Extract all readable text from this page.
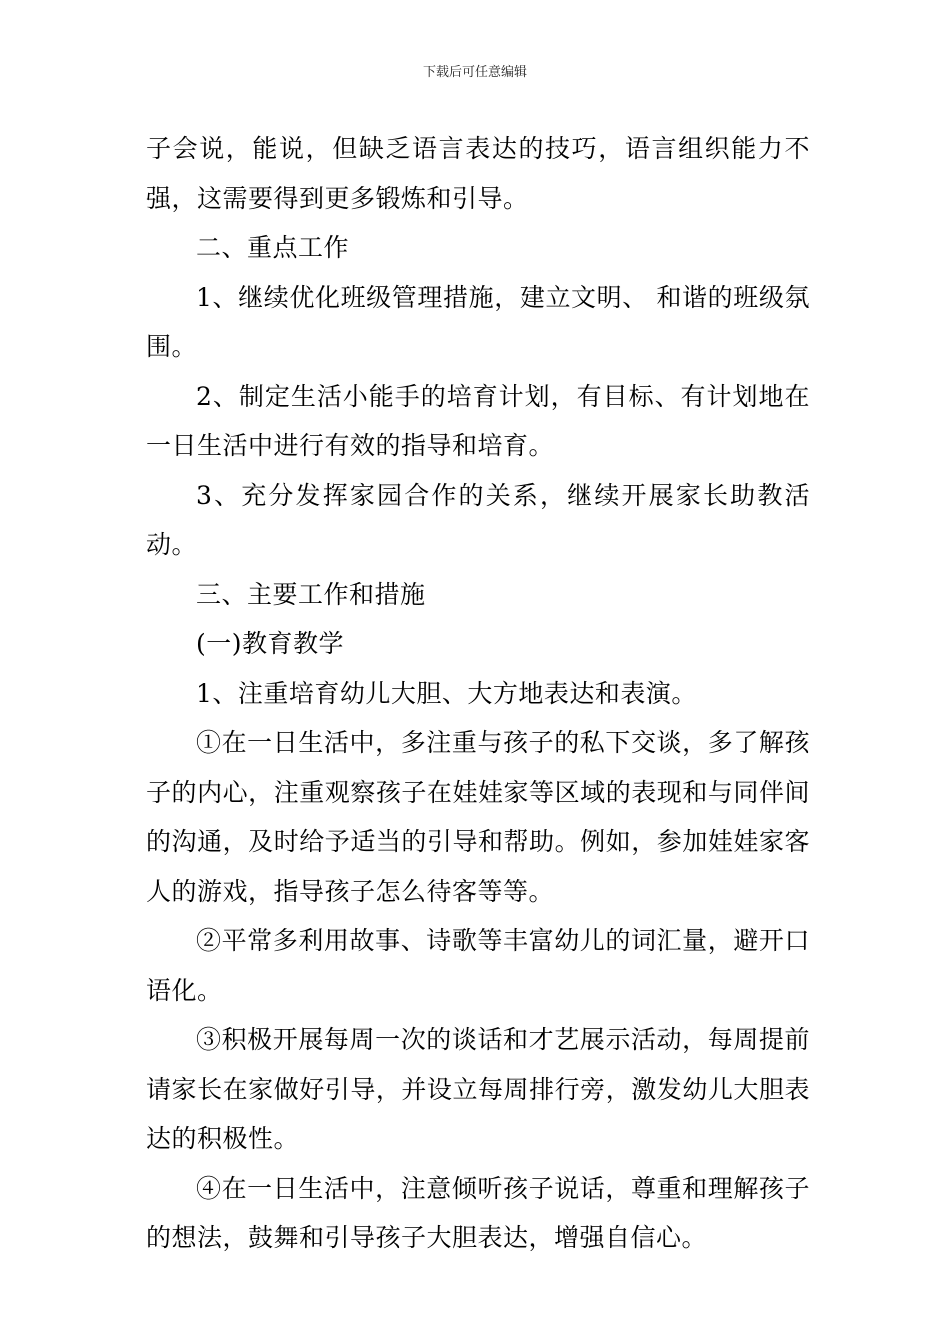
下载后可任意编辑

子会说，能说，但缺乏语言表达的技巧，语言组织能力不强，这需要得到更多锻炼和引导。

二、重点工作

1、继续优化班级管理措施，建立文明、 和谐的班级氛围。

2、制定生活小能手的培育计划，有目标、有计划地在一日生活中进行有效的指导和培育。

3、充分发挥家园合作的关系，继续开展家长助教活动。

三、主要工作和措施

(一)教育教学

1、注重培育幼儿大胆、大方地表达和表演。

①在一日生活中，多注重与孩子的私下交谈，多了解孩子的内心，注重观察孩子在娃娃家等区域的表现和与同伴间的沟通，及时给予适当的引导和帮助。例如，参加娃娃家客人的游戏，指导孩子怎么待客等等。

②平常多利用故事、诗歌等丰富幼儿的词汇量，避开口语化。

③积极开展每周一次的谈话和才艺展示活动，每周提前请家长在家做好引导，并设立每周排行旁，激发幼儿大胆表达的积极性。

④在一日生活中，注意倾听孩子说话，尊重和理解孩子的想法，鼓舞和引导孩子大胆表达，增强自信心。
